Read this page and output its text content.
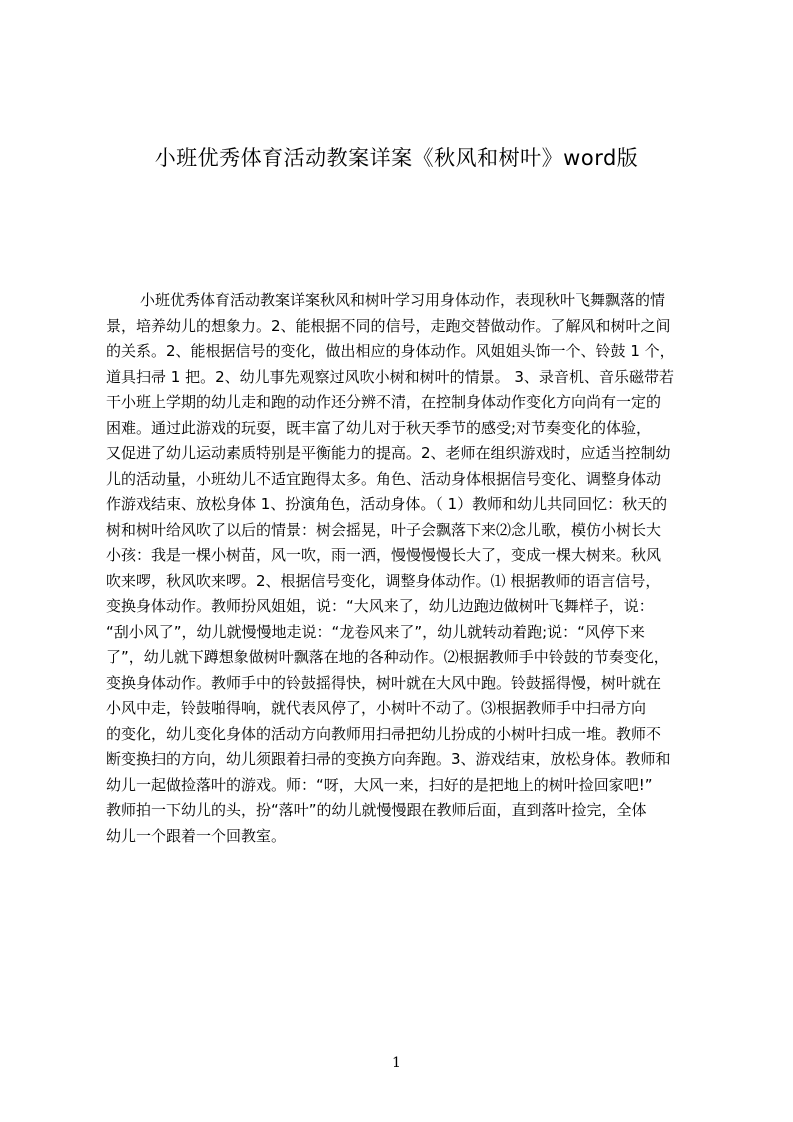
小班优秀体育活动教案详案《秋风和树叶》word版
小班优秀体育活动教案详案秋风和树叶学习用身体动作，表现秋叶飞舞飘落的情
景，培养幼儿的想象力。2、能根据不同的信号，走跑交替做动作。了解风和树叶之间
的关系。2、能根据信号的变化，做出相应的身体动作。风姐姐头饰一个、铃鼓 1 个，
道具扫帚 1 把。2、幼儿事先观察过风吹小树和树叶的情景。 3、录音机、音乐磁带若
干小班上学期的幼儿走和跑的动作还分辨不清，在控制身体动作变化方向尚有一定的
困难。通过此游戏的玩耍，既丰富了幼儿对于秋天季节的感受;对节奏变化的体验，
又促进了幼儿运动素质特别是平衡能力的提高。2、老师在组织游戏时，应适当控制幼
儿的活动量，小班幼儿不适宜跑得太多。角色、活动身体根据信号变化、调整身体动
作游戏结束、放松身体 1、扮演角色，活动身体。（ 1）教师和幼儿共同回忆：秋天的
树和树叶给风吹了以后的情景：树会摇晃，叶子会飘落下来⑵念儿歌，模仿小树长大
小孩：我是一棵小树苗，风一吹，雨一洒，慢慢慢慢长大了，变成一棵大树来。秋风
吹来啰，秋风吹来啰。2、根据信号变化，调整身体动作。⑴ 根据教师的语言信号，
变换身体动作。教师扮风姐姐，说：“大风来了，幼儿边跑边做树叶飞舞样子，说：
“刮小风了”，幼儿就慢慢地走说：“龙卷风来了”，幼儿就转动着跑;说：“风停下来
了”，幼儿就下蹲想象做树叶飘落在地的各种动作。⑵根据教师手中铃鼓的节奏变化，
变换身体动作。教师手中的铃鼓摇得快，树叶就在大风中跑。铃鼓摇得慢，树叶就在
小风中走，铃鼓啪得响，就代表风停了，小树叶不动了。⑶根据教师手中扫帚方向
的变化，幼儿变化身体的活动方向教师用扫帚把幼儿扮成的小树叶扫成一堆。教师不
断变换扫的方向，幼儿须跟着扫帚的变换方向奔跑。3、游戏结束，放松身体。教师和
幼儿一起做捡落叶的游戏。师：“呀，大风一来，扫好的是把地上的树叶捡回家吧!”
教师拍一下幼儿的头，扮“落叶”的幼儿就慢慢跟在教师后面，直到落叶捡完，全体
幼儿一个跟着一个回教室。
1
